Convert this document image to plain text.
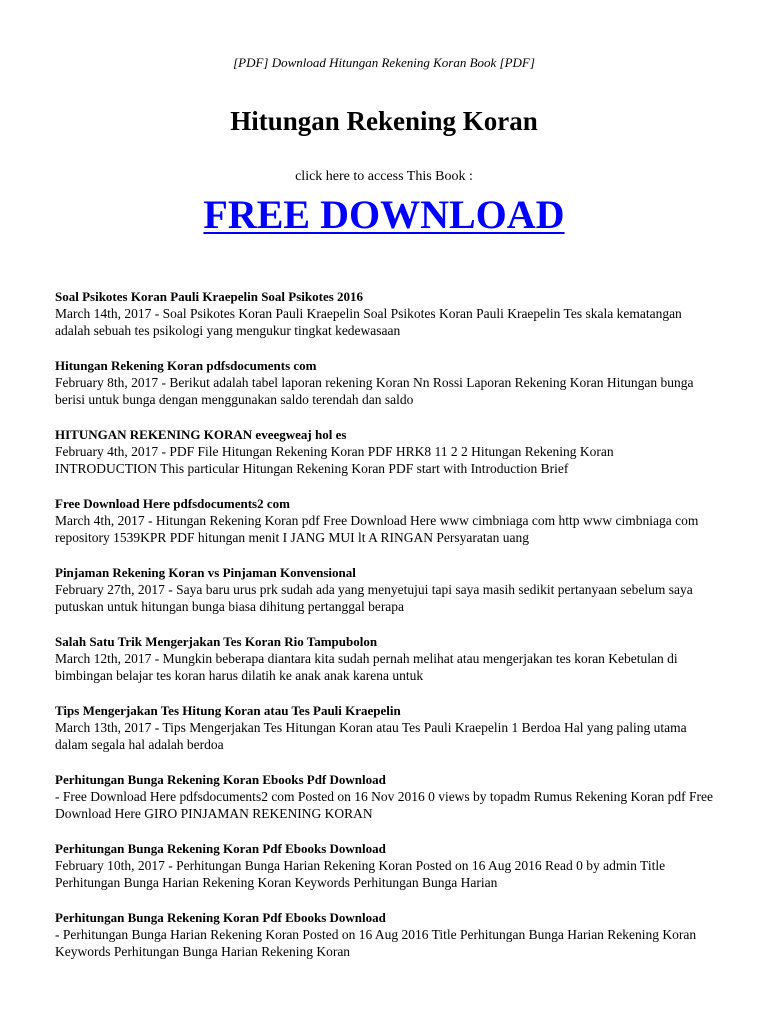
[PDF] Download Hitungan Rekening Koran Book [PDF]
Hitungan Rekening Koran
click here to access This Book :
FREE DOWNLOAD
Soal Psikotes Koran Pauli Kraepelin Soal Psikotes 2016
March 14th, 2017 - Soal Psikotes Koran Pauli Kraepelin Soal Psikotes Koran Pauli Kraepelin Tes skala kematangan adalah sebuah tes psikologi yang mengukur tingkat kedewasaan
Hitungan Rekening Koran pdfsdocuments com
February 8th, 2017 - Berikut adalah tabel laporan rekening Koran Nn Rossi Laporan Rekening Koran Hitungan bunga berisi untuk bunga dengan menggunakan saldo terendah dan saldo
HITUNGAN REKENING KORAN eveegweaj hol es
February 4th, 2017 - PDF File Hitungan Rekening Koran PDF HRK8 11 2 2 Hitungan Rekening Koran INTRODUCTION This particular Hitungan Rekening Koran PDF start with Introduction Brief
Free Download Here pdfsdocuments2 com
March 4th, 2017 - Hitungan Rekening Koran pdf Free Download Here www cimbniaga com http www cimbniaga com repository 1539KPR PDF hitungan menit I JANG MUI lt A RINGAN Persyaratan uang
Pinjaman Rekening Koran vs Pinjaman Konvensional
February 27th, 2017 - Saya baru urus prk sudah ada yang menyetujui tapi saya masih sedikit pertanyaan sebelum saya putuskan untuk hitungan bunga biasa dihitung pertanggal berapa
Salah Satu Trik Mengerjakan Tes Koran Rio Tampubolon
March 12th, 2017 - Mungkin beberapa diantara kita sudah pernah melihat atau mengerjakan tes koran Kebetulan di bimbingan belajar tes koran harus dilatih ke anak anak karena untuk
Tips Mengerjakan Tes Hitung Koran atau Tes Pauli Kraepelin
March 13th, 2017 - Tips Mengerjakan Tes Hitungan Koran atau Tes Pauli Kraepelin 1 Berdoa Hal yang paling utama dalam segala hal adalah berdoa
Perhitungan Bunga Rekening Koran Ebooks Pdf Download
- Free Download Here pdfsdocuments2 com Posted on 16 Nov 2016 0 views by topadm Rumus Rekening Koran pdf Free Download Here GIRO PINJAMAN REKENING KORAN
Perhitungan Bunga Rekening Koran Pdf Ebooks Download
February 10th, 2017 - Perhitungan Bunga Harian Rekening Koran Posted on 16 Aug 2016 Read 0 by admin Title Perhitungan Bunga Harian Rekening Koran Keywords Perhitungan Bunga Harian
Perhitungan Bunga Rekening Koran Pdf Ebooks Download
- Perhitungan Bunga Harian Rekening Koran Posted on 16 Aug 2016 Title Perhitungan Bunga Harian Rekening Koran Keywords Perhitungan Bunga Harian Rekening Koran
